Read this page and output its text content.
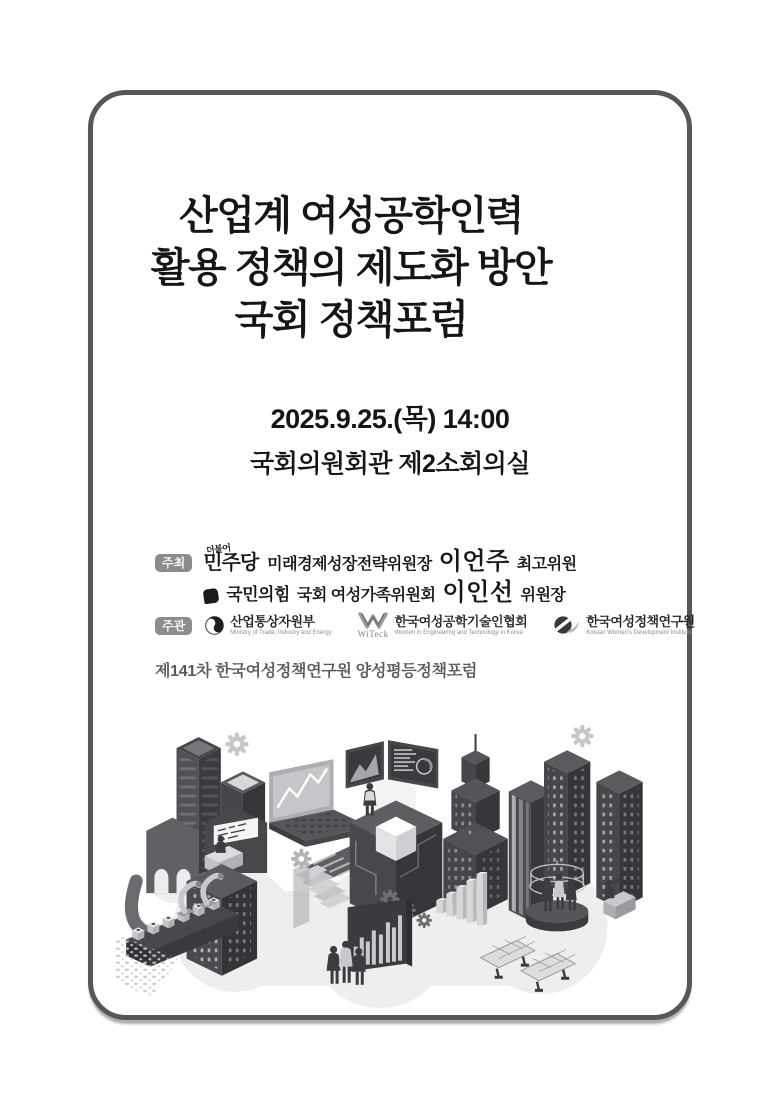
산업계 여성공학인력
활용 정책의 제도화 방안
국회 정책포럼
2025.9.25.(목) 14:00
국회의원회관 제2소회의실
주최
더불어
민주당 미래경제성장전략위원장 이언주 최고위원
국민의힘 국회 여성가족위원회 이인선 위원장
주관	산업통상자원부
Ministry of Trade, Industry and Energy	WiTeck
한국여성공학기술인협회
Women in Engineering and Technology in Korea
한국여성정책연구원
Korean Women's Development Institute
제141차 한국여성정책연구원 양성평등정책포럼
